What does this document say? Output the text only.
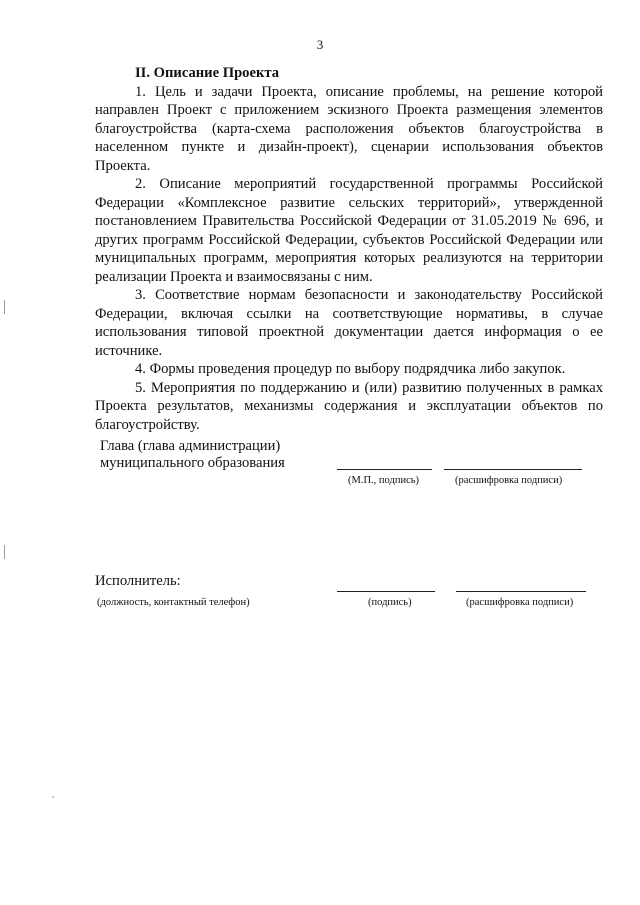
3

II. Описание Проекта

1. Цель и задачи Проекта, описание проблемы, на решение которой направлен Проект с приложением эскизного Проекта размещения элементов благоустройства (карта-схема расположения объектов благоустройства в населенном пункте и дизайн-проект), сценарии использования объектов Проекта.

2. Описание мероприятий государственной программы Российской Федерации «Комплексное развитие сельских территорий», утвержденной постановлением Правительства Российской Федерации от 31.05.2019 № 696, и других программ Российской Федерации, субъектов Российской Федерации или муниципальных программ, мероприятия которых реализуются на территории реализации Проекта и взаимосвязаны с ним.

3. Соответствие нормам безопасности и законодательству Российской Федерации, включая ссылки на соответствующие нормативы, в случае использования типовой проектной документации дается информация о ее источнике.

4. Формы проведения процедур по выбору подрядчика либо закупок.

5. Мероприятия по поддержанию и (или) развитию полученных в рамках Проекта результатов, механизмы содержания и эксплуатации объектов по благоустройству.

Глава (глава администрации)
муниципального образования
(М.П., подпись)	(расшифровка подписи)
Исполнитель:
(должность, контактный телефон)	(подпись)	(расшифровка подписи)
